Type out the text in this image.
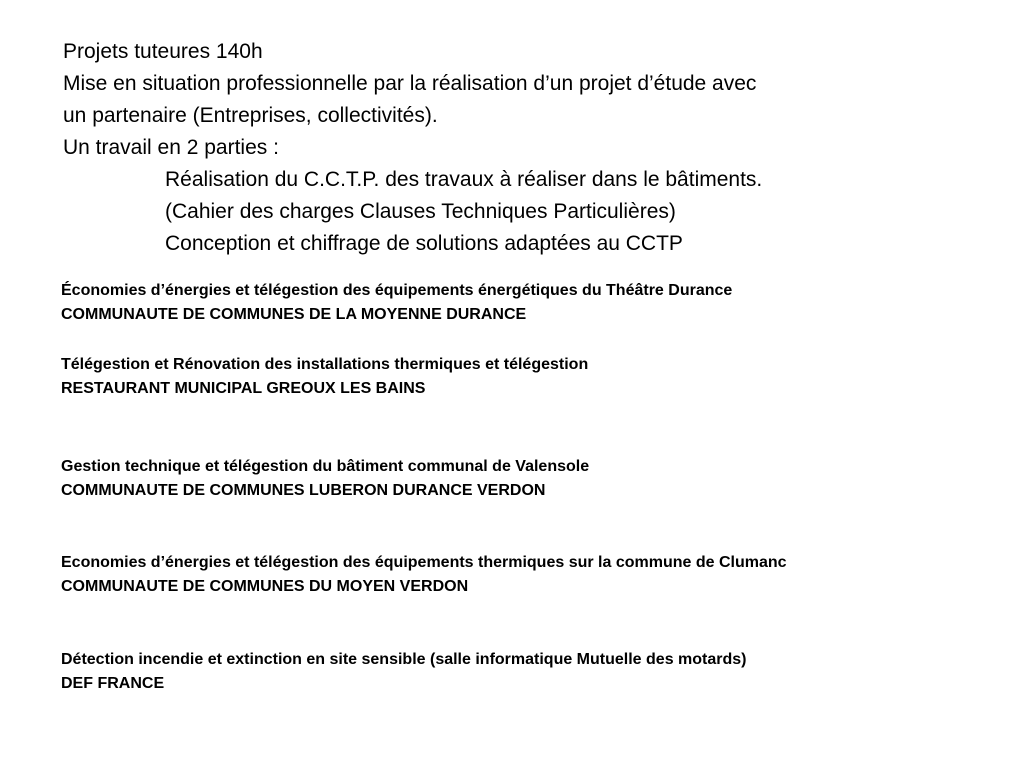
Projets tuteures 140h
Mise en situation professionnelle par la réalisation d’un projet d’étude avec
un partenaire (Entreprises, collectivités).
Un travail en 2 parties :
Réalisation du C.C.T.P. des travaux à réaliser dans le bâtiments.
(Cahier des charges Clauses Techniques Particulières)
Conception et chiffrage de solutions adaptées au CCTP
Économies d’énergies et télégestion des équipements énergétiques du Théâtre Durance
COMMUNAUTE DE COMMUNES DE LA MOYENNE DURANCE
Télégestion et Rénovation des installations thermiques et télégestion
RESTAURANT MUNICIPAL GREOUX LES BAINS
Gestion technique et télégestion du bâtiment communal de Valensole
COMMUNAUTE DE COMMUNES LUBERON DURANCE VERDON
Economies d’énergies et télégestion des équipements thermiques sur la commune de Clumanc
COMMUNAUTE DE COMMUNES DU MOYEN VERDON
Détection incendie et extinction en site sensible (salle informatique Mutuelle des motards)
DEF FRANCE
